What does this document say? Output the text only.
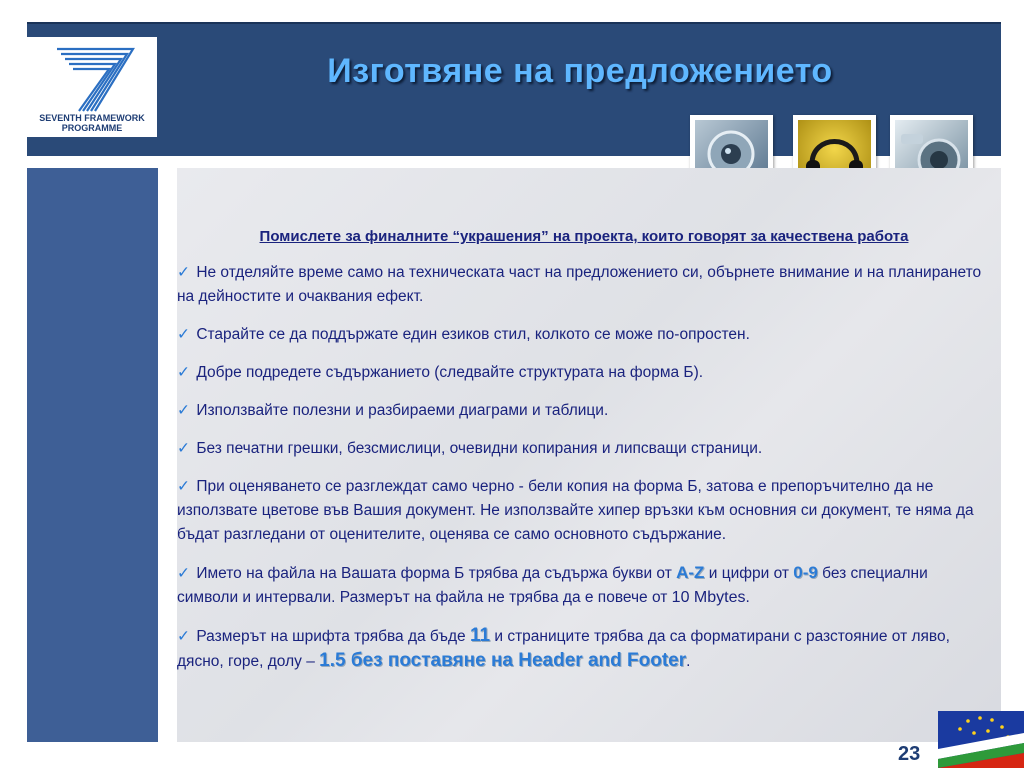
SEVENTH FRAMEWORK
PROGRAMME
Изготвяне на предложението
Помислете за финалните “украшения” на проекта, които говорят за качествена работа
✓ Не отделяйте време само на техническата част на предложението си, обърнете внимание и на планирането на дейностите и очаквания ефект.
✓ Старайте се да поддържате един езиков стил, колкото се може по-опростен.
✓ Добре подредете съдържанието (следвайте структурата на форма Б).
✓ Използвайте полезни и разбираеми диаграми и таблици.
✓ Без печатни грешки, безсмислици, очевидни копирания и липсващи страници.
✓ При оценяването се разглеждат само черно - бели копия на форма Б, затова е препоръчително да не използвате цветове във Вашия документ. Не използвайте хипер връзки към основния си документ, те няма да бъдат разгледани от оценителите, оценява се само основното съдържание.
✓ Името на файла на Вашата форма Б трябва да съдържа букви от A-Z и цифри от 0-9 без специални символи и интервали. Размерът на файла не трябва да е повече от 10 Mbytes.
✓ Размерът на шрифта трябва да бъде 11 и страниците трябва да са форматирани с разстояние от ляво, дясно, горе, долу – 1.5 без поставяне на Header and Footer.
23
